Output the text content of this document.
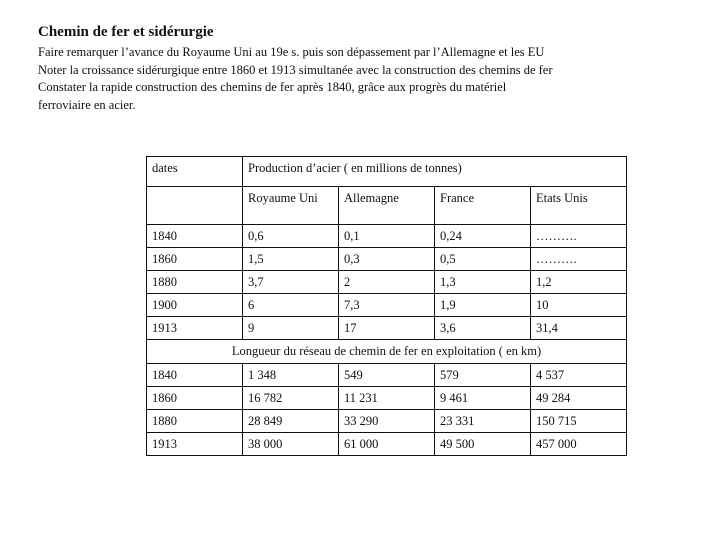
Chemin de fer et sidérurgie
Faire remarquer l’avance du Royaume Uni au 19e s. puis son dépassement par l’Allemagne et les EU
Noter la croissance sidérurgique entre 1860 et 1913 simultanée avec la construction des chemins de fer
Constater la rapide construction des chemins de fer après 1840, grâce aux progrès du matériel
ferroviaire en acier.
dates	Production d’acier ( en millions de tonnes)			
	Royaume Uni	Allemagne	France	Etats Unis
1840	0,6	0,1	0,24	……….
1860	1,5	0,3	0,5	……….
1880	3,7	2	1,3	1,2
1900	6	7,3	1,9	10
1913	9	17	3,6	31,4
Longueur du réseau de chemin de fer en exploitation ( en km)				
1840	1 348	549	579	4 537
1860	16 782	11 231	9 461	49 284
1880	28 849	33 290	23 331	150 715
1913	38 000	61 000	49 500	457 000
